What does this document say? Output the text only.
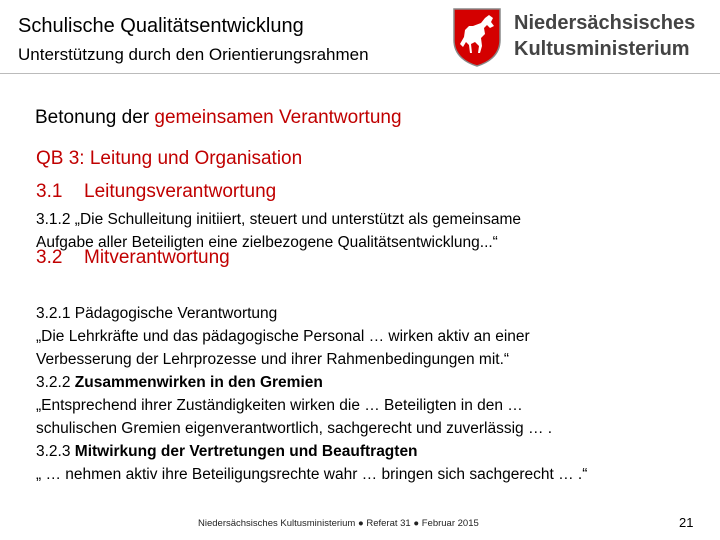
Schulische Qualitätsentwicklung
Unterstützung durch den Orientierungsrahmen
Niedersächsisches
Kultusministerium
Betonung der gemeinsamen Verantwortung
QB 3: Leitung und Organisation
3.1 Leitungsverantwortung
3.1.2 „Die Schulleitung initiiert, steuert und unterstützt als gemeinsame
Aufgabe aller Beteiligten eine zielbezogene Qualitätsentwicklung...“
3.2 Mitverantwortung
3.2.1 Pädagogische Verantwortung
„Die Lehrkräfte und das pädagogische Personal … wirken aktiv an einer
Verbesserung der Lehrprozesse und ihrer Rahmenbedingungen mit.“
3.2.2 Zusammenwirken in den Gremien
„Entsprechend ihrer Zuständigkeiten wirken die … Beteiligten in den …
schulischen Gremien eigenverantwortlich, sachgerecht und zuverlässig … .
3.2.3 Mitwirkung der Vertretungen und Beauftragten
„ … nehmen aktiv ihre Beteiligungsrechte wahr … bringen sich sachgerecht … .“
Niedersächsisches Kultusministerium ● Referat 31 ● Februar 2015	21
